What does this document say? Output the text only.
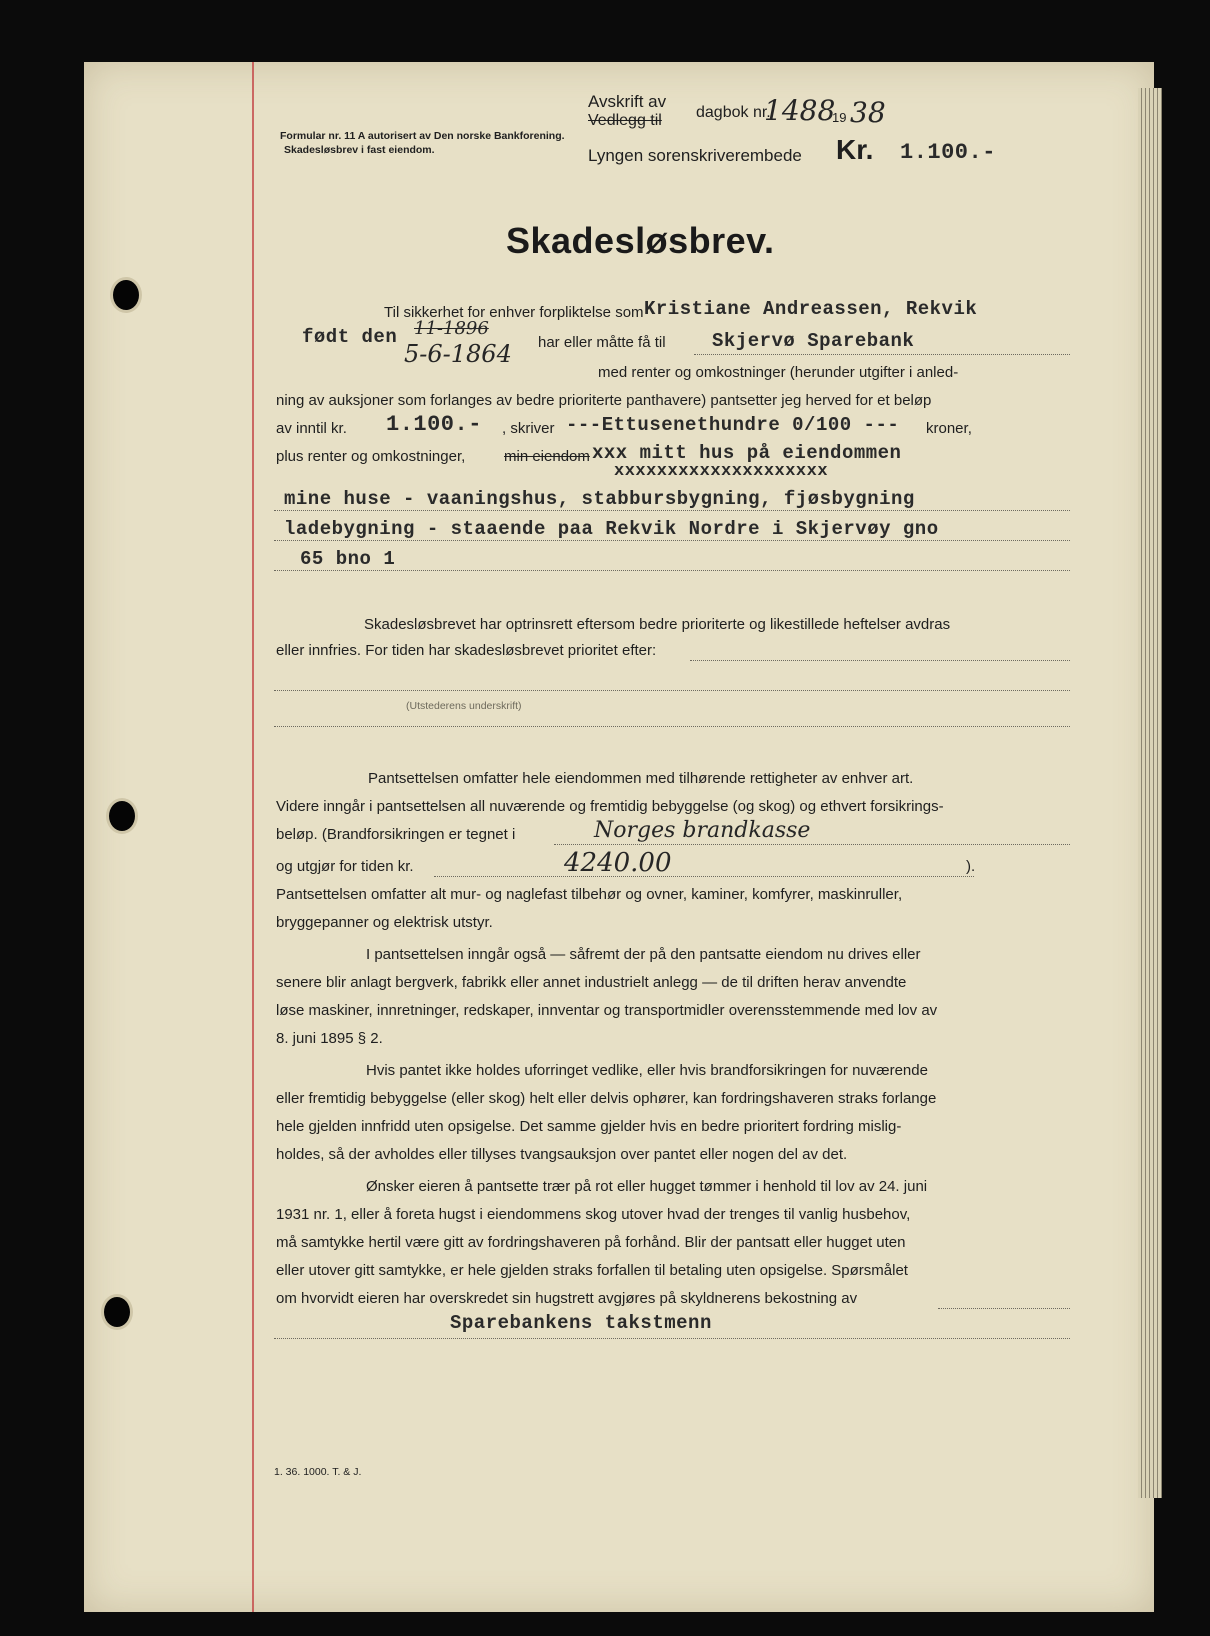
Formular nr. 11 A autorisert av Den norske Bankforening.
Skadesløsbrev i fast eiendom.
Avskrift av
Vedlegg til dagbok nr.
1488
19 38
Lyngen sorenskriverembede Kr. 1.100.-
Skadesløsbrev.
Til sikkerhet for enhver forpliktelse som Kristiane Andreassen, Rekvik
født den 11-1896
5-6-1864 har eller måtte få til Skjervø Sparebank
med renter og omkostninger (herunder utgifter i anled-
ning av auksjoner som forlanges av bedre prioriterte panthavere) pantsetter jeg herved for et beløp
av inntil kr. 1.100.- , skriver ---Ettusenethundre 0/100 --- kroner,
plus renter og omkostninger,	min eiendom xxx mitt hus på eiendommen
xxxxxxxxxxxxxxxxxxxx
mine huse - vaaningshus, stabbursbygning, fjøsbygning
ladebygning - staaende paa Rekvik Nordre i Skjervøy gno
65 bno 1
Skadesløsbrevet har optrinsrett eftersom bedre prioriterte og likestillede heftelser avdras
eller innfries. For tiden har skadesløsbrevet prioritet efter:
(Utstederens underskrift)
Pantsettelsen omfatter hele eiendommen med tilhørende rettigheter av enhver art.
Videre inngår i pantsettelsen all nuværende og fremtidig bebyggelse (og skog) og ethvert forsikrings-
beløp. (Brandforsikringen er tegnet i	Norges brandkasse
og utgjør for tiden kr.	4240.00	).
Pantsettelsen omfatter alt mur- og naglefast tilbehør og ovner, kaminer, komfyrer, maskinruller,
bryggepanner og elektrisk utstyr.
I pantsettelsen inngår også — såfremt der på den pantsatte eiendom nu drives eller
senere blir anlagt bergverk, fabrikk eller annet industrielt anlegg — de til driften herav anvendte
løse maskiner, innretninger, redskaper, innventar og transportmidler overensstemmende med lov av
8. juni 1895 § 2.
Hvis pantet ikke holdes uforringet vedlike, eller hvis brandforsikringen for nuværende
eller fremtidig bebyggelse (eller skog) helt eller delvis ophører, kan fordringshaveren straks forlange
hele gjelden innfridd uten opsigelse. Det samme gjelder hvis en bedre prioritert fordring mislig-
holdes, så der avholdes eller tillyses tvangsauksjon over pantet eller nogen del av det.
Ønsker eieren å pantsette trær på rot eller hugget tømmer i henhold til lov av 24. juni
1931 nr. 1, eller å foreta hugst i eiendommens skog utover hvad der trenges til vanlig husbehov,
må samtykke hertil være gitt av fordringshaveren på forhånd. Blir der pantsatt eller hugget uten
eller utover gitt samtykke, er hele gjelden straks forfallen til betaling uten opsigelse. Spørsmålet
om hvorvidt eieren har overskredet sin hugstrett avgjøres på skyldnerens bekostning av
Sparebankens takstmenn
1. 36. 1000. T. & J.
